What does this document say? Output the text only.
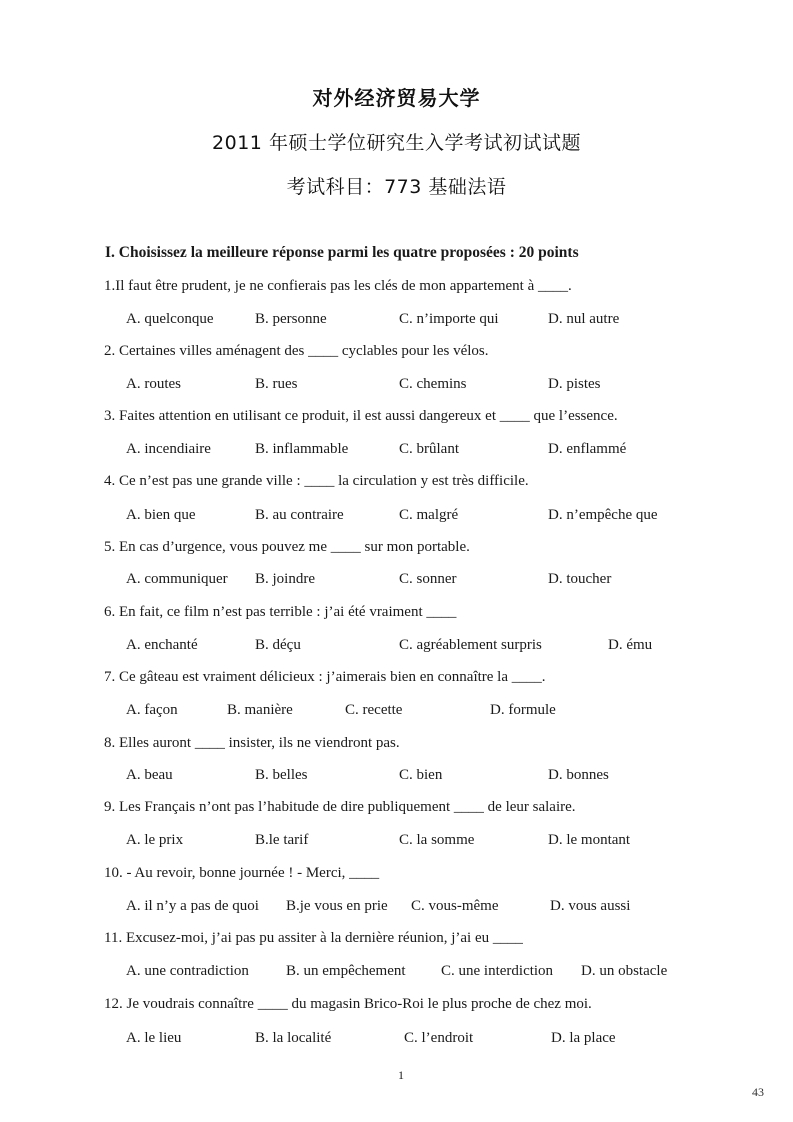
对外经济贸易大学
2011 年硕士学位研究生入学考试初试试题
考试科目：773 基础法语
I. Choisissez la meilleure réponse parmi les quatre proposées : 20 points
1.Il faut être prudent, je ne confierais pas les clés de mon appartement à ____.
A. quelconque	B. personne	C. n’importe qui	D. nul autre
2. Certaines villes aménagent des ____ cyclables pour les vélos.
A. routes	B. rues	C. chemins	D. pistes
3. Faites attention en utilisant ce produit, il est aussi dangereux et ____ que l’essence.
A. incendiaire	B. inflammable	C. brûlant	D. enflammé
4. Ce n’est pas une grande ville : ____ la circulation y est très difficile.
A. bien que	B. au contraire	C. malgré	D. n’empêche que
5. En cas d’urgence, vous pouvez me ____ sur mon portable.
A. communiquer B. joindre	C. sonner	D. toucher
6. En fait, ce film n’est pas terrible : j’ai été vraiment ____
A. enchanté	B. déçu	C. agréablement surpris	D. ému
7. Ce gâteau est vraiment délicieux : j’aimerais bien en connaître la ____.
A. façon	B. manière	C. recette	D. formule
8. Elles auront ____ insister, ils ne viendront pas.
A. beau	B. belles	C. bien	D. bonnes
9. Les Français n’ont pas l’habitude de dire publiquement ____ de leur salaire.
A. le prix	B.le tarif	C. la somme	D. le montant
10. - Au revoir, bonne journée ! - Merci, ____
A. il n’y a pas de quoi B.je vous en prie C. vous-même	D. vous aussi
11. Excusez-moi, j’ai pas pu assiter à la dernière réunion, j’ai eu ____
A. une contradiction B. un empêchement C. une interdiction D. un obstacle
12. Je voudrais connaître ____ du magasin Brico-Roi le plus proche de chez moi.
A. le lieu	B. la localité	C. l’endroit	D. la place
1
43
